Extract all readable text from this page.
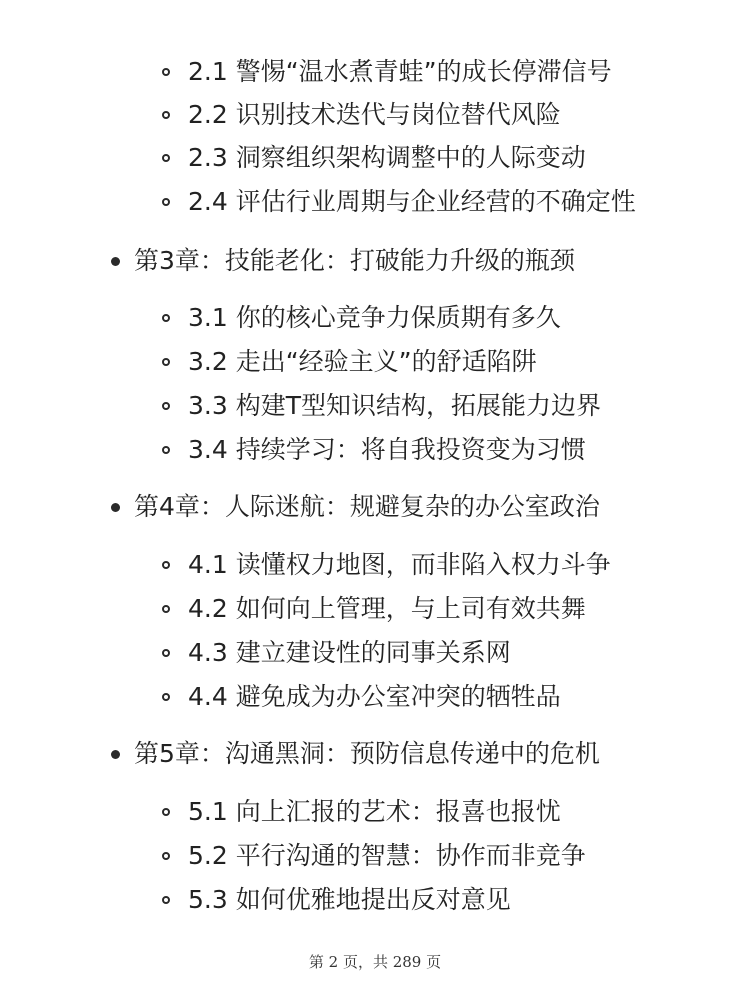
2.1 警惕“温水煮青蛙”的成长停滞信号
2.2 识别技术迭代与岗位替代风险
2.3 洞察组织架构调整中的人际变动
2.4 评估行业周期与企业经营的不确定性
第3章：技能老化：打破能力升级的瓶颈
3.1 你的核心竞争力保质期有多久
3.2 走出“经验主义”的舒适陷阱
3.3 构建T型知识结构，拓展能力边界
3.4 持续学习：将自我投资变为习惯
第4章：人际迷航：规避复杂的办公室政治
4.1 读懂权力地图，而非陷入权力斗争
4.2 如何向上管理，与上司有效共舞
4.3 建立建设性的同事关系网
4.4 避免成为办公室冲突的牺牲品
第5章：沟通黑洞：预防信息传递中的危机
5.1 向上汇报的艺术：报喜也报忧
5.2 平行沟通的智慧：协作而非竞争
5.3 如何优雅地提出反对意见
第 2 页，共 289 页
